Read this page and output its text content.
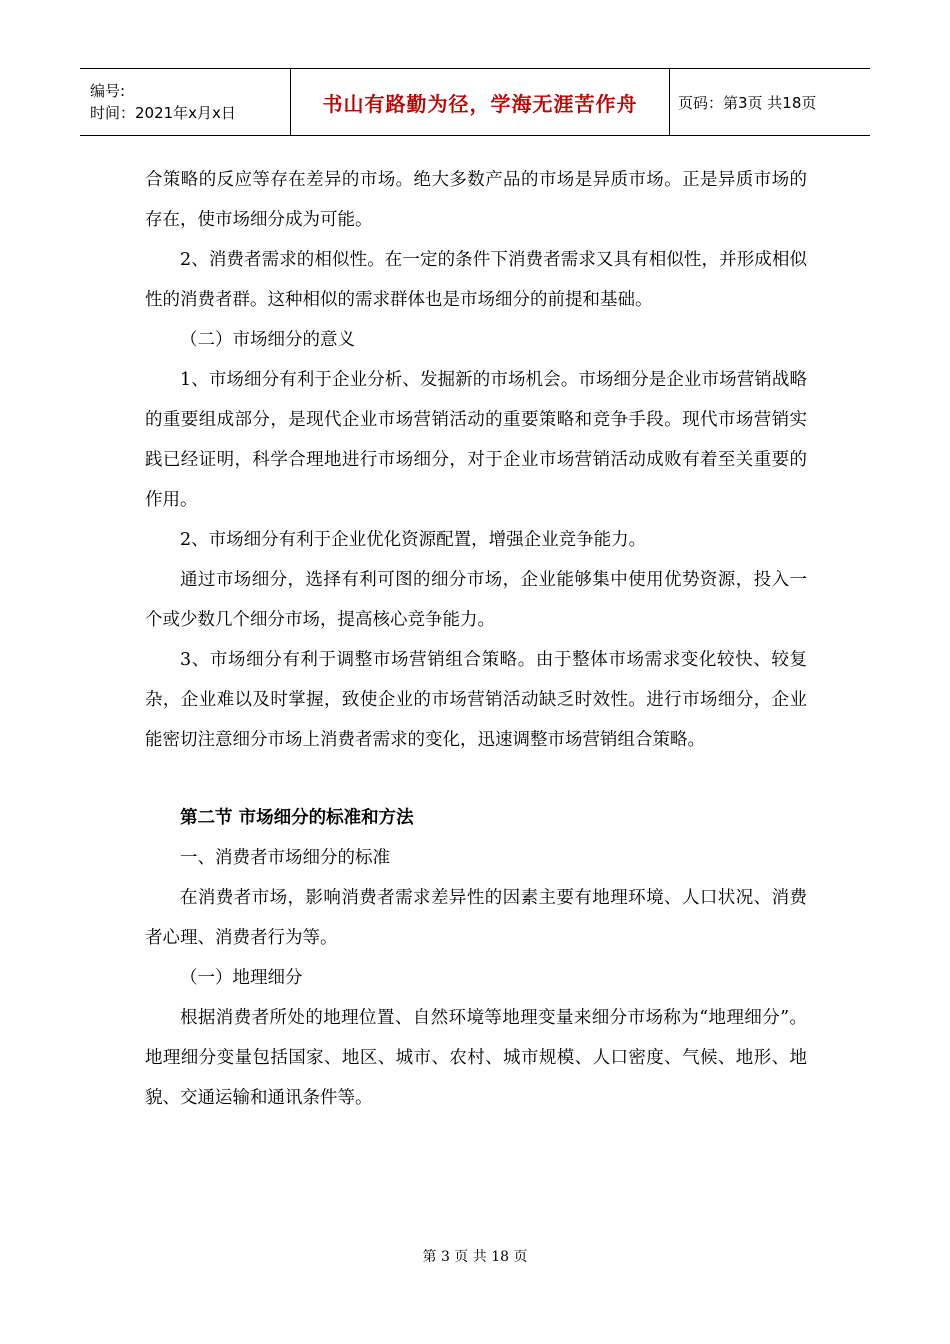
编号:
时间：2021年x月x日	书山有路勤为径，学海无涯苦作舟	页码：第3页 共18页

合策略的反应等存在差异的市场。绝大多数产品的市场是异质市场。正是异质市场的存在，使市场细分成为可能。

2、消费者需求的相似性。在一定的条件下消费者需求又具有相似性，并形成相似性的消费者群。这种相似的需求群体也是市场细分的前提和基础。

（二）市场细分的意义

1、市场细分有利于企业分析、发掘新的市场机会。市场细分是企业市场营销战略的重要组成部分，是现代企业市场营销活动的重要策略和竞争手段。现代市场营销实践已经证明，科学合理地进行市场细分，对于企业市场营销活动成败有着至关重要的作用。

2、市场细分有利于企业优化资源配置，增强企业竞争能力。

通过市场细分，选择有利可图的细分市场，企业能够集中使用优势资源，投入一个或少数几个细分市场，提高核心竞争能力。

3、市场细分有利于调整市场营销组合策略。由于整体市场需求变化较快、较复杂，企业难以及时掌握，致使企业的市场营销活动缺乏时效性。进行市场细分，企业能密切注意细分市场上消费者需求的变化，迅速调整市场营销组合策略。

第二节 市场细分的标准和方法

一、消费者市场细分的标准

在消费者市场，影响消费者需求差异性的因素主要有地理环境、人口状况、消费者心理、消费者行为等。

（一）地理细分

根据消费者所处的地理位置、自然环境等地理变量来细分市场称为“地理细分”。地理细分变量包括国家、地区、城市、农村、城市规模、人口密度、气候、地形、地貌、交通运输和通讯条件等。

第 3 页 共 18 页
